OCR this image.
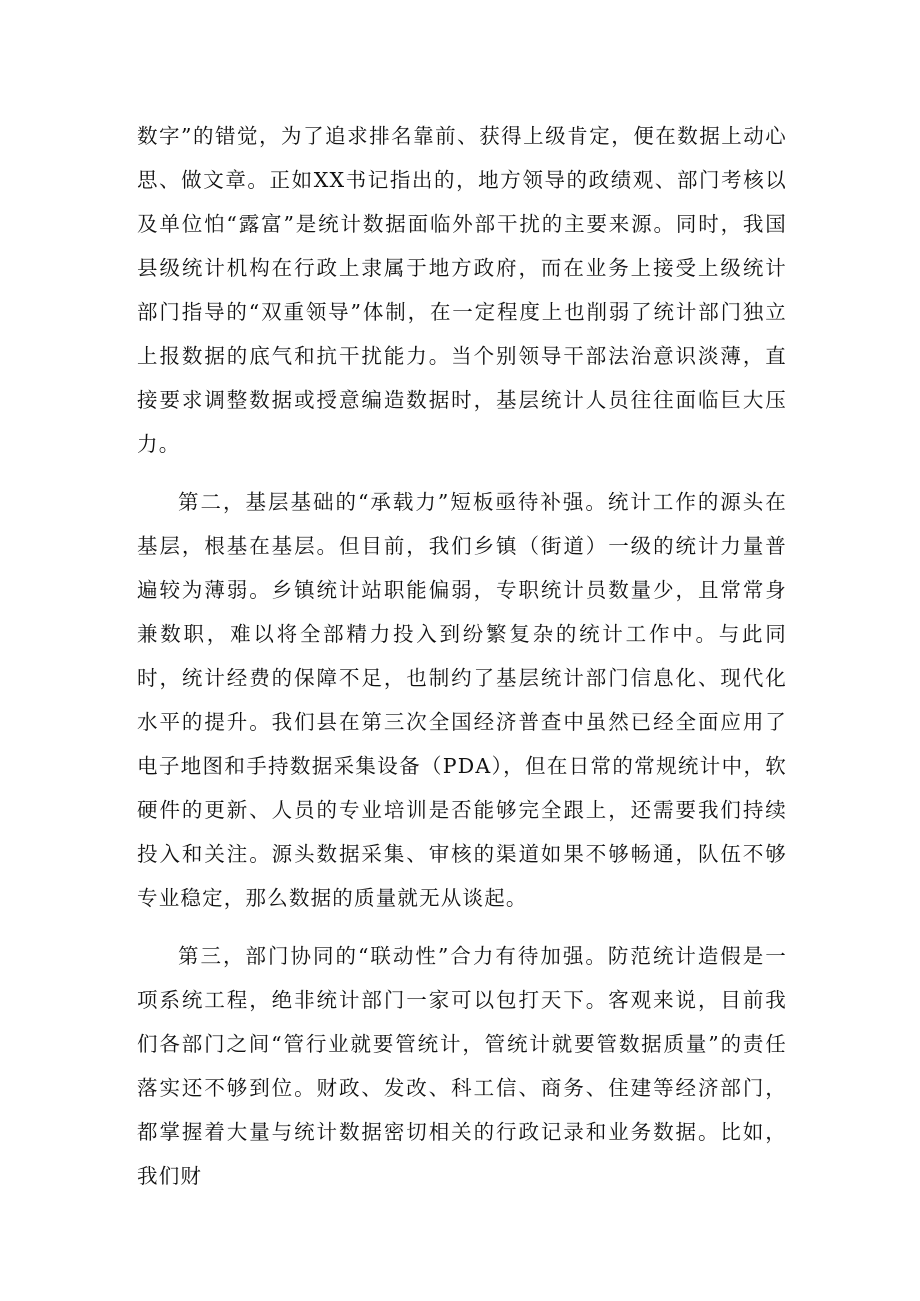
数字”的错觉，为了追求排名靠前、获得上级肯定，便在数据上动心思、做文章。正如XX书记指出的，地方领导的政绩观、部门考核以及单位怕“露富”是统计数据面临外部干扰的主要来源。同时，我国县级统计机构在行政上隶属于地方政府，而在业务上接受上级统计部门指导的“双重领导”体制，在一定程度上也削弱了统计部门独立上报数据的底气和抗干扰能力。当个别领导干部法治意识淡薄，直接要求调整数据或授意编造数据时，基层统计人员往往面临巨大压力。

第二，基层基础的“承载力”短板亟待补强。统计工作的源头在基层，根基在基层。但目前，我们乡镇（街道）一级的统计力量普遍较为薄弱。乡镇统计站职能偏弱，专职统计员数量少，且常常身兼数职，难以将全部精力投入到纷繁复杂的统计工作中。与此同时，统计经费的保障不足，也制约了基层统计部门信息化、现代化水平的提升。我们县在第三次全国经济普查中虽然已经全面应用了电子地图和手持数据采集设备（PDA），但在日常的常规统计中，软硬件的更新、人员的专业培训是否能够完全跟上，还需要我们持续投入和关注。源头数据采集、审核的渠道如果不够畅通，队伍不够专业稳定，那么数据的质量就无从谈起。

第三，部门协同的“联动性”合力有待加强。防范统计造假是一项系统工程，绝非统计部门一家可以包打天下。客观来说，目前我们各部门之间“管行业就要管统计，管统计就要管数据质量”的责任落实还不够到位。财政、发改、科工信、商务、住建等经济部门，都掌握着大量与统计数据密切相关的行政记录和业务数据。比如，我们财
